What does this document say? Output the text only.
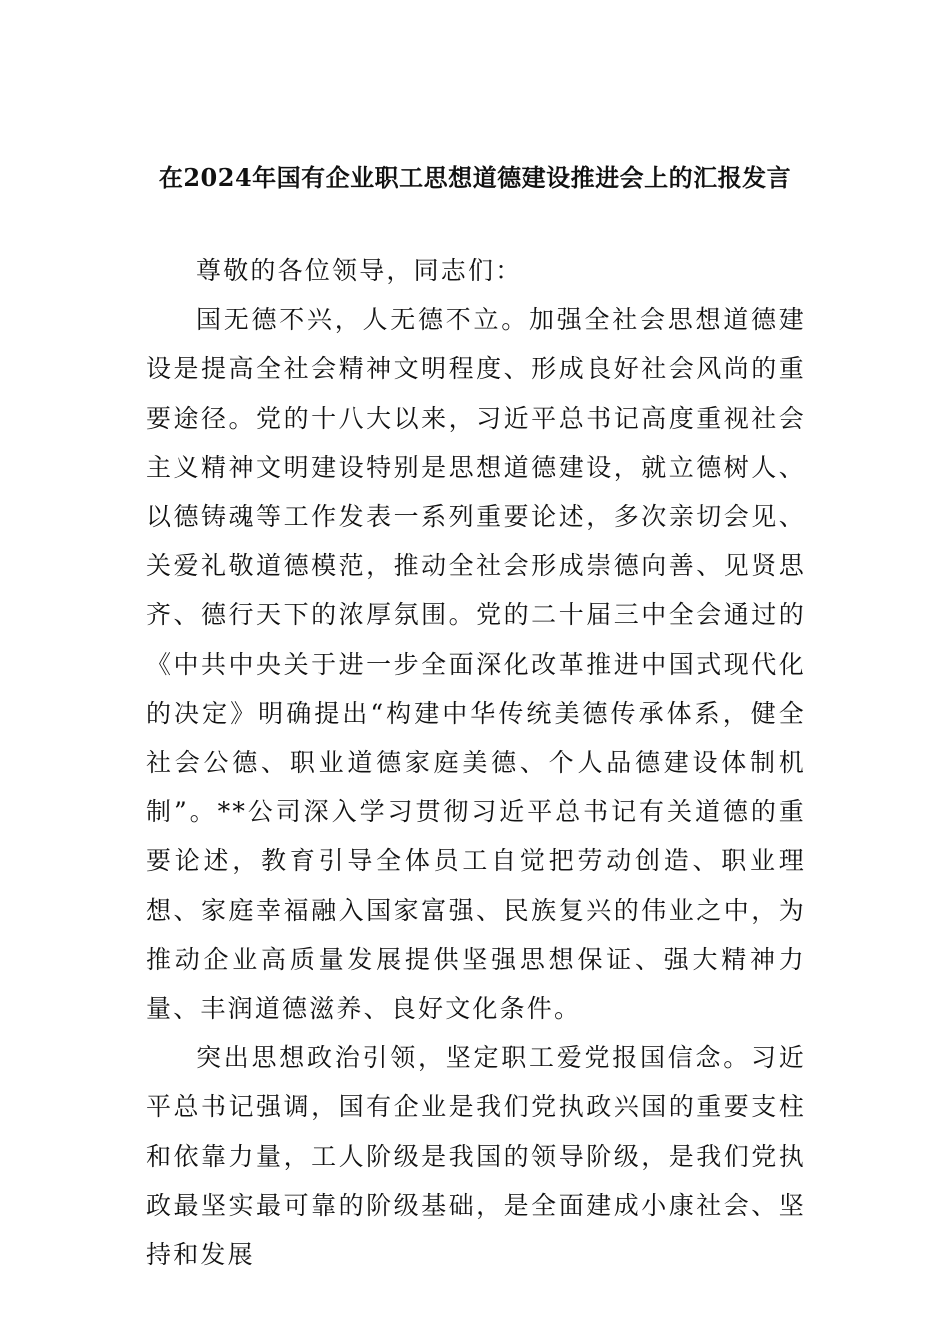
在2024年国有企业职工思想道德建设推进会上的汇报发言

尊敬的各位领导，同志们：

国无德不兴，人无德不立。加强全社会思想道德建设是提高全社会精神文明程度、形成良好社会风尚的重要途径。党的十八大以来，习近平总书记高度重视社会主义精神文明建设特别是思想道德建设，就立德树人、以德铸魂等工作发表一系列重要论述，多次亲切会见、关爱礼敬道德模范，推动全社会形成崇德向善、见贤思齐、德行天下的浓厚氛围。党的二十届三中全会通过的《中共中央关于进一步全面深化改革推进中国式现代化的决定》明确提出“构建中华传统美德传承体系，健全社会公德、职业道德家庭美德、个人品德建设体制机制”。**公司深入学习贯彻习近平总书记有关道德的重要论述，教育引导全体员工自觉把劳动创造、职业理想、家庭幸福融入国家富强、民族复兴的伟业之中，为推动企业高质量发展提供坚强思想保证、强大精神力量、丰润道德滋养、良好文化条件。

突出思想政治引领，坚定职工爱党报国信念。习近平总书记强调，国有企业是我们党执政兴国的重要支柱和依靠力量，工人阶级是我国的领导阶级，是我们党执政最坚实最可靠的阶级基础，是全面建成小康社会、坚持和发展
